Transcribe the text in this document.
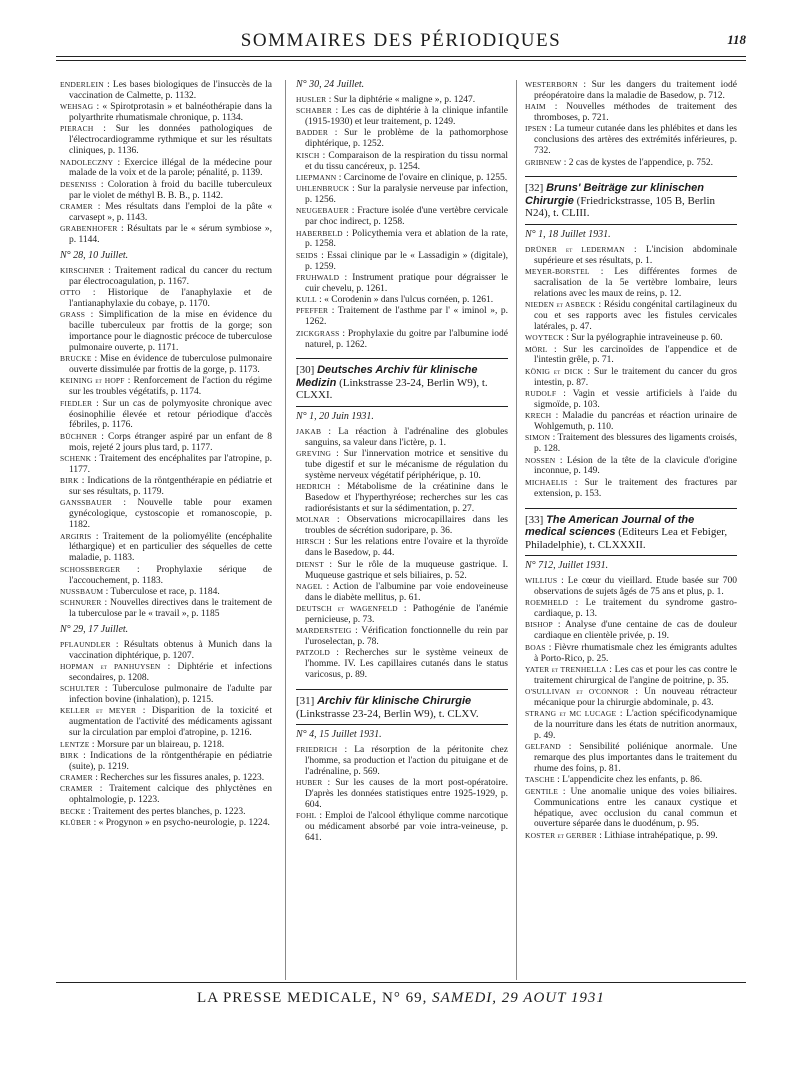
SOMMAIRES DES PÉRIODIQUES	118

ENDERLEIN : Les bases biologiques de l'insuccès de la vaccination de Calmette, p. 1132.

WEHSAG : « Spirotprotasin » et balnéothérapie dans la polyarthrite rhumatismale chronique, p. 1134.

PIERACH : Sur les données pathologiques de l'électrocardiogramme rythmique et sur les résultats cliniques, p. 1136.

NADOLECZNY : Exercice illégal de la médecine pour malade de la voix et de la parole; pénalité, p. 1139.

DESENISS : Coloration à froid du bacille tuberculeux par le violet de méthyl B. B. B., p. 1142.

CRAMER : Mes résultats dans l'emploi de la pâte « carvasept », p. 1143.

GRABENHOFER : Résultats par le « sérum symbiose », p. 1144.

N° 28, 10 Juillet.

KIRSCHNER : Traitement radical du cancer du rectum par électrocoagulation, p. 1167.

OTTO : Historique de l'anaphylaxie et de l'antianaphylaxie du cobaye, p. 1170.

GRASS : Simplification de la mise en évidence du bacille tuberculeux par frottis de la gorge; son importance pour le diagnostic précoce de tuberculose pulmonaire ouverte, p. 1171.

BRUCKE : Mise en évidence de tuberculose pulmonaire ouverte dissimulée par frottis de la gorge, p. 1173.

KEINING et HOPF : Renforcement de l'action du régime sur les troubles végétatifs, p. 1174.

FIEDLER : Sur un cas de polymyosite chronique avec éosinophilie élevée et retour périodique d'accès fébriles, p. 1176.

BÜCHNER : Corps étranger aspiré par un enfant de 8 mois, rejeté 2 jours plus tard, p. 1177.

SCHENK : Traitement des encéphalites par l'atropine, p. 1177.

BIRK : Indications de la röntgenthérapie en pédiatrie et sur ses résultats, p. 1179.

GANSSBAUER : Nouvelle table pour examen gynécologique, cystoscopie et romanoscopie, p. 1182.

ARGIRIS : Traitement de la poliomyélite (encéphalite léthargique) et en particulier des séquelles de cette maladie, p. 1183.

SCHOSSBERGER : Prophylaxie sérique de l'accouchement, p. 1183.

NUSSBAUM : Tuberculose et race, p. 1184.

SCHNURER : Nouvelles directives dans le traitement de la tuberculose par le « travail », p. 1185

N° 29, 17 Juillet.

PFLAUNDLER : Résultats obtenus à Munich dans la vaccination diphtérique, p. 1207.

HOPMAN et PANHUYSEN : Diphtérie et infections secondaires, p. 1208.

SCHULTER : Tuberculose pulmonaire de l'adulte par infection bovine (inhalation), p. 1215.

KELLER et MEYER : Disparition de la toxicité et augmentation de l'activité des médicaments agissant sur la circulation par emploi d'atropine, p. 1216.

LENTZE : Morsure par un blaireau, p. 1218.

BIRK : Indications de la röntgenthérapie en pédiatrie (suite), p. 1219.

CRAMER : Recherches sur les fissures anales, p. 1223.

CRAMER : Traitement calcique des phlyctènes en ophtalmologie, p. 1223.

BECKE : Traitement des pertes blanches, p. 1223.

KLÜBER : « Progynon » en psycho-neurologie, p. 1224.

N° 30, 24 Juillet.

HUSLER : Sur la diphtérie « maligne », p. 1247.

SCHABER : Les cas de diphtérie à la clinique infantile (1915-1930) et leur traitement, p. 1249.

BADDER : Sur le problème de la pathomorphose diphtérique, p. 1252.

KISCH : Comparaison de la respiration du tissu normal et du tissu cancéreux, p. 1254.

LIEPMANN : Carcinome de l'ovaire en clinique, p. 1255.

UHLENBRUCK : Sur la paralysie nerveuse par infection, p. 1256.

NEUGEBAUER : Fracture isolée d'une vertèbre cervicale par choc indirect, p. 1258.

HABERBELD : Policythemia vera et ablation de la rate, p. 1258.

SEIDS : Essai clinique par le « Lassadigin » (digitale), p. 1259.

FRUHWALD : Instrument pratique pour dégraisser le cuir chevelu, p. 1261.

KULL : « Corodenin » dans l'ulcus cornéen, p. 1261.

PFEFFER : Traitement de l'asthme par l' « iminol », p. 1262.

ZICKGRASS : Prophylaxie du goitre par l'albumine iodé naturel, p. 1262.

[30] Deutsches Archiv für klinische Medizin (Linkstrasse 23-24, Berlin W9), t. CLXXI.
N° 1, 20 Juin 1931.

JAKAB : La réaction à l'adrénaline des globules sanguins, sa valeur dans l'ictère, p. 1.

GREVING : Sur l'innervation motrice et sensitive du tube digestif et sur le mécanisme de régulation du système nerveux végétatif périphérique, p. 10.

HEDRICH : Métabolisme de la créatinine dans le Basedow et l'hyperthyréose; recherches sur les cas radiorésistants et sur la sédimentation, p. 27.

MOLNAR : Observations microcapillaires dans les troubles de sécrétion sudoripare, p. 36.

HIRSCH : Sur les relations entre l'ovaire et la thyroïde dans le Basedow, p. 44.

DIENST : Sur le rôle de la muqueuse gastrique. I. Muqueuse gastrique et sels biliaires, p. 52.

NAGEL : Action de l'albumine par voie endoveineuse dans le diabète mellitus, p. 61.

DEUTSCH et WAGENFELD : Pathogénie de l'anémie pernicieuse, p. 73.

MARDERSTEIG : Vérification fonctionnelle du rein par l'uroselectan, p. 78.

PATZOLD : Recherches sur le système veineux de l'homme. IV. Les capillaires cutanés dans le status varicosus, p. 89.

[31] Archiv für klinische Chirurgie (Linkstrasse 23-24, Berlin W9), t. CLXV.
N° 4, 15 Juillet 1931.

FRIEDRICH : La résorption de la péritonite chez l'homme, sa production et l'action du pituigane et de l'adrénaline, p. 569.

HUBER : Sur les causes de la mort post-opératoire. D'après les données statistiques entre 1925-1929, p. 604.

FOHL : Emploi de l'alcool éthylique comme narcotique ou médicament absorbé par voie intra-veineuse, p. 641.

WESTERBORN : Sur les dangers du traitement iodé préopératoire dans la maladie de Basedow, p. 712.

HAIM : Nouvelles méthodes de traitement des thromboses, p. 721.

IPSEN : La tumeur cutanée dans les phlébites et dans les conclusions des artères des extrémités inférieures, p. 732.

GRIBNEW : 2 cas de kystes de l'appendice, p. 752.

[32] Bruns' Beiträge zur klinischen Chirurgie (Friedrickstrasse, 105 B, Berlin N24), t. CLIII.
N° 1, 18 Juillet 1931.

DRÜNER et LEDERMAN : L'incision abdominale supérieure et ses résultats, p. 1.

MEYER-BORSTEL : Les différentes formes de sacralisation de la 5e vertèbre lombaire, leurs relations avec les maux de reins, p. 12.

NIEDEN et ASBECK : Résidu congénital cartilagineux du cou et ses rapports avec les fistules cervicales latérales, p. 47.

WOYTECK : Sur la pyélographie intraveineuse p. 60.

MÖRL : Sur les carcinoïdes de l'appendice et de l'intestin grêle, p. 71.

KÖNIG et DICK : Sur le traitement du cancer du gros intestin, p. 87.

RUDOLF : Vagin et vessie artificiels à l'aide du sigmoïde, p. 103.

KRECH : Maladie du pancréas et réaction urinaire de Wohlgemuth, p. 110.

SIMON : Traitement des blessures des ligaments croisés, p. 128.

NOSSEN : Lésion de la tête de la clavicule d'origine inconnue, p. 149.

MICHAELIS : Sur le traitement des fractures par extension, p. 153.

[33] The American Journal of the medical sciences (Editeurs Lea et Febiger, Philadelphie), t. CLXXXII.
N° 712, Juillet 1931.

WILLIUS : Le cœur du vieillard. Etude basée sur 700 observations de sujets âgés de 75 ans et plus, p. 1.

ROEMHELD : Le traitement du syndrome gastro-cardiaque, p. 13.

BISHOP : Analyse d'une centaine de cas de douleur cardiaque en clientèle privée, p. 19.

BOAS : Fièvre rhumatismale chez les émigrants adultes à Porto-Rico, p. 25.

YATER et TRENHELLA : Les cas et pour les cas contre le traitement chirurgical de l'angine de poitrine, p. 35.

O'SULLIVAN et O'CONNOR : Un nouveau rétracteur mécanique pour la chirurgie abdominale, p. 43.

STRANG et MC LUCAGE : L'action spécificodynamique de la nourriture dans les états de nutrition anormaux, p. 49.

GELFAND : Sensibilité poliénique anormale. Une remarque des plus importantes dans le traitement du rhume des foins, p. 81.

TASCHE : L'appendicite chez les enfants, p. 86.

GENTILE : Une anomalie unique des voies biliaires. Communications entre les canaux cystique et hépatique, avec occlusion du canal commun et ouverture séparée dans le duodénum, p. 95.

KOSTER et GERBER : Lithiase intrahépatique, p. 99.

LA PRESSE MEDICALE, N° 69, SAMEDI, 29 AOUT 1931
